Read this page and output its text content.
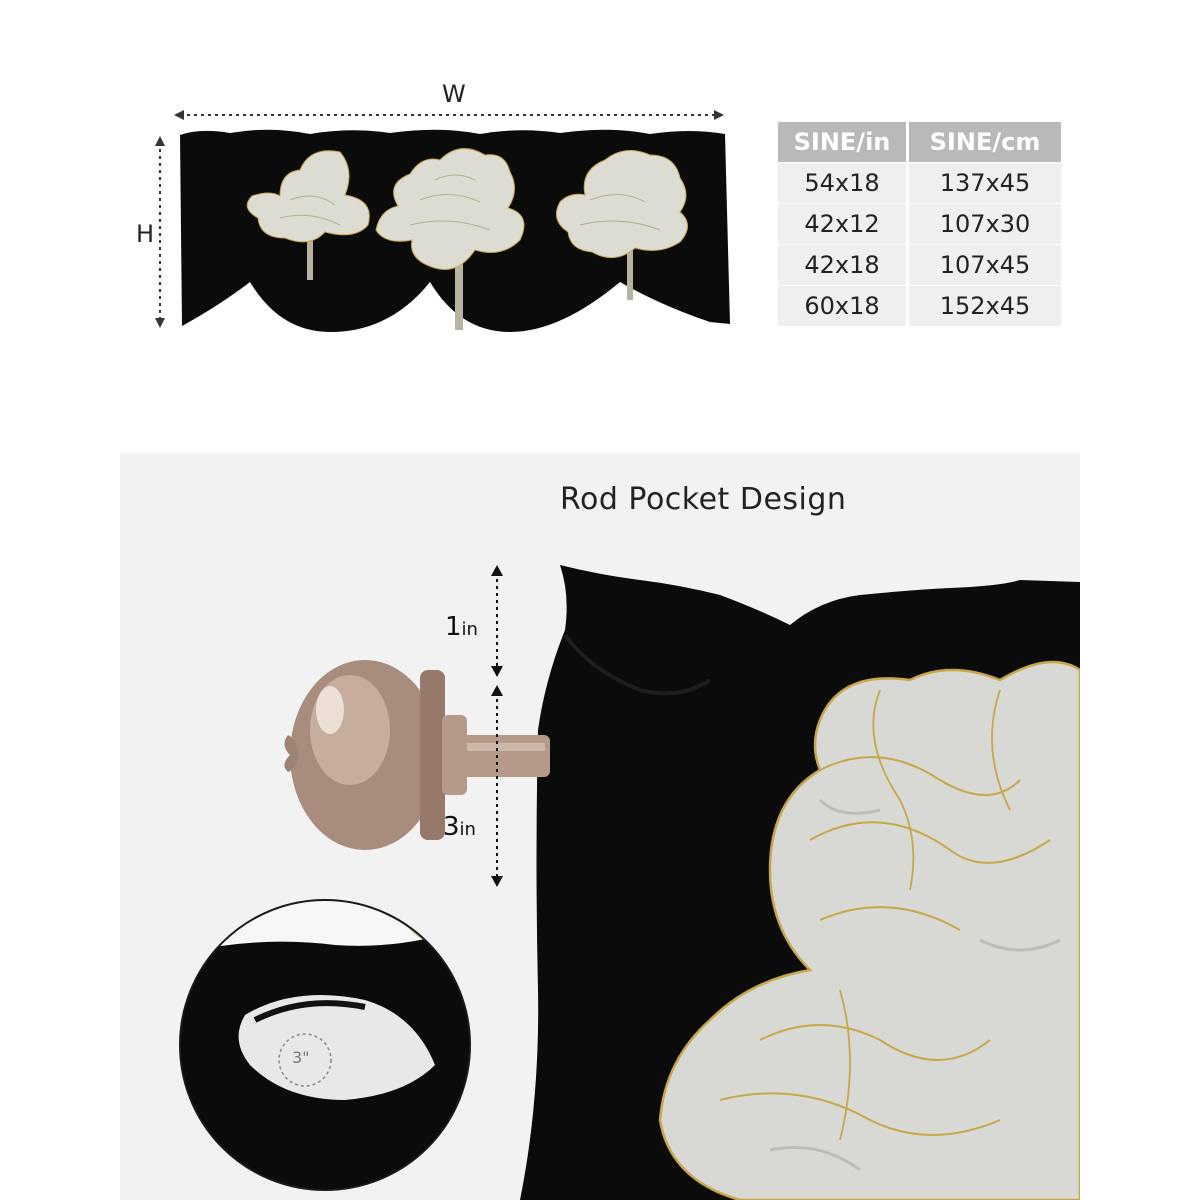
W
H
SINE/in	SINE/cm
54x18	137x45
42x12	107x30
42x18	107x45
60x18	152x45
Rod Pocket Design
1in
3in
3"
